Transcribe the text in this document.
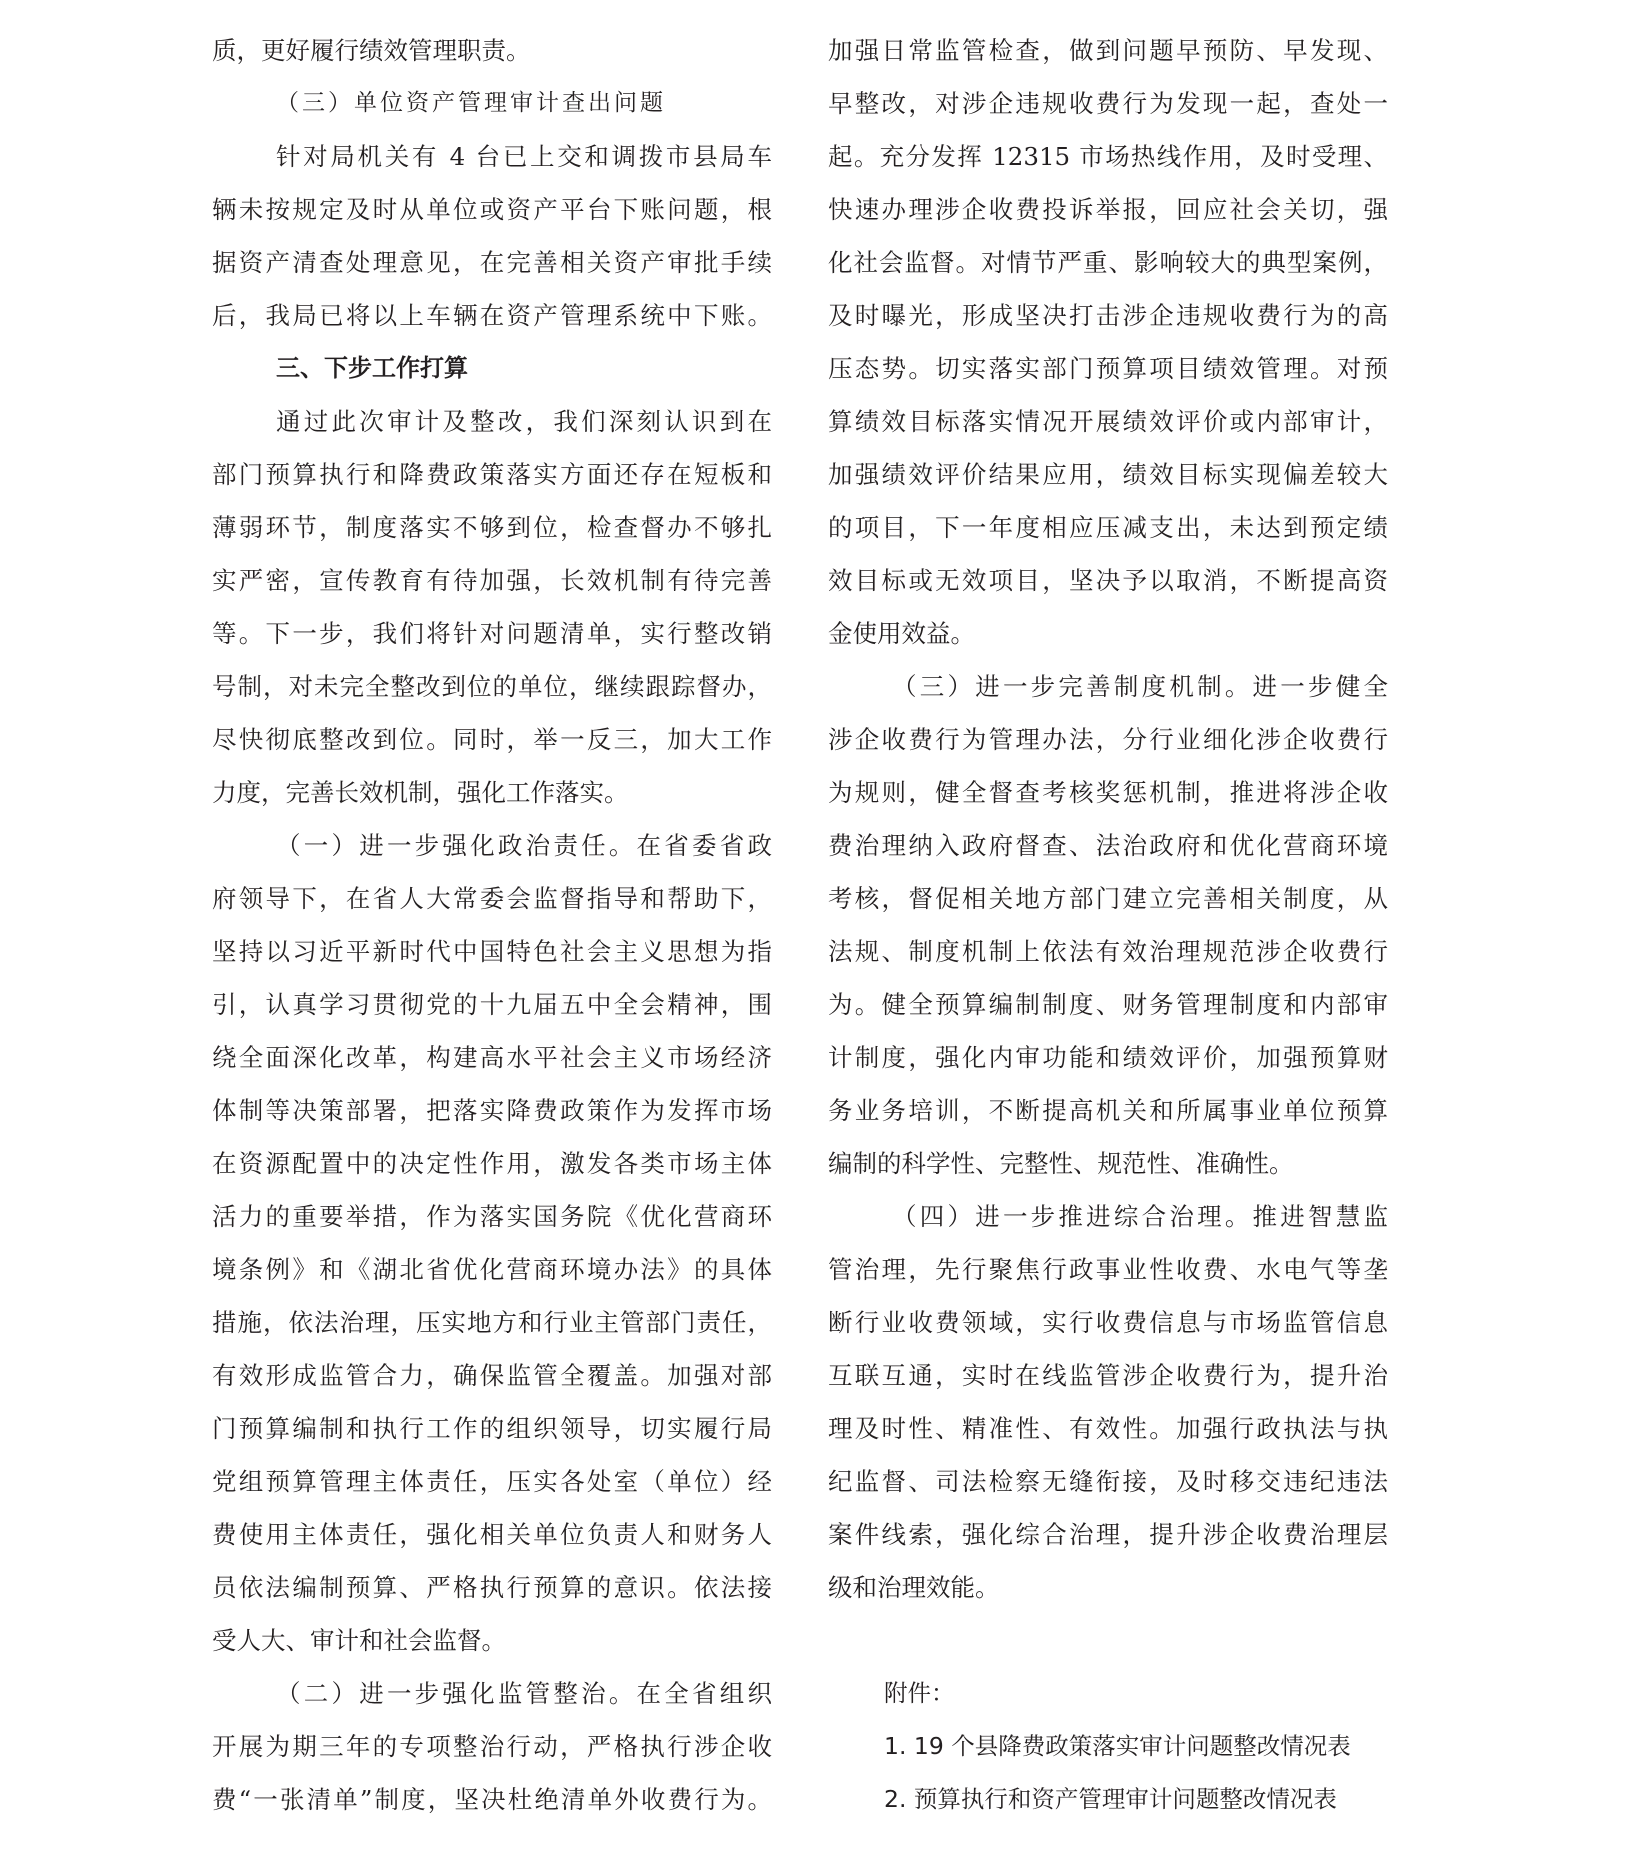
质，更好履行绩效管理职责。
（三）单位资产管理审计查出问题
针对局机关有 4 台已上交和调拨市县局车
辆未按规定及时从单位或资产平台下账问题，根
据资产清查处理意见，在完善相关资产审批手续
后，我局已将以上车辆在资产管理系统中下账。
三、下步工作打算
通过此次审计及整改，我们深刻认识到在
部门预算执行和降费政策落实方面还存在短板和
薄弱环节，制度落实不够到位，检查督办不够扎
实严密，宣传教育有待加强，长效机制有待完善
等。下一步，我们将针对问题清单，实行整改销
号制，对未完全整改到位的单位，继续跟踪督办，
尽快彻底整改到位。同时，举一反三，加大工作
力度，完善长效机制，强化工作落实。
（一）进一步强化政治责任。在省委省政
府领导下，在省人大常委会监督指导和帮助下，
坚持以习近平新时代中国特色社会主义思想为指
引，认真学习贯彻党的十九届五中全会精神，围
绕全面深化改革，构建高水平社会主义市场经济
体制等决策部署，把落实降费政策作为发挥市场
在资源配置中的决定性作用，激发各类市场主体
活力的重要举措，作为落实国务院《优化营商环
境条例》和《湖北省优化营商环境办法》的具体
措施，依法治理，压实地方和行业主管部门责任，
有效形成监管合力，确保监管全覆盖。加强对部
门预算编制和执行工作的组织领导，切实履行局
党组预算管理主体责任，压实各处室（单位）经
费使用主体责任，强化相关单位负责人和财务人
员依法编制预算、严格执行预算的意识。依法接
受人大、审计和社会监督。
（二）进一步强化监管整治。在全省组织
开展为期三年的专项整治行动，严格执行涉企收
费“一张清单”制度，坚决杜绝清单外收费行为。
加强日常监管检查，做到问题早预防、早发现、
早整改，对涉企违规收费行为发现一起，查处一
起。充分发挥 12315 市场热线作用，及时受理、
快速办理涉企收费投诉举报，回应社会关切，强
化社会监督。对情节严重、影响较大的典型案例，
及时曝光，形成坚决打击涉企违规收费行为的高
压态势。切实落实部门预算项目绩效管理。对预
算绩效目标落实情况开展绩效评价或内部审计，
加强绩效评价结果应用，绩效目标实现偏差较大
的项目，下一年度相应压减支出，未达到预定绩
效目标或无效项目，坚决予以取消，不断提高资
金使用效益。
（三）进一步完善制度机制。进一步健全
涉企收费行为管理办法，分行业细化涉企收费行
为规则，健全督查考核奖惩机制，推进将涉企收
费治理纳入政府督查、法治政府和优化营商环境
考核，督促相关地方部门建立完善相关制度，从
法规、制度机制上依法有效治理规范涉企收费行
为。健全预算编制制度、财务管理制度和内部审
计制度，强化内审功能和绩效评价，加强预算财
务业务培训，不断提高机关和所属事业单位预算
编制的科学性、完整性、规范性、准确性。
（四）进一步推进综合治理。推进智慧监
管治理，先行聚焦行政事业性收费、水电气等垄
断行业收费领域，实行收费信息与市场监管信息
互联互通，实时在线监管涉企收费行为，提升治
理及时性、精准性、有效性。加强行政执法与执
纪监督、司法检察无缝衔接，及时移交违纪违法
案件线索，强化综合治理，提升涉企收费治理层
级和治理效能。
附件：
1. 19 个县降费政策落实审计问题整改情况表
2. 预算执行和资产管理审计问题整改情况表
